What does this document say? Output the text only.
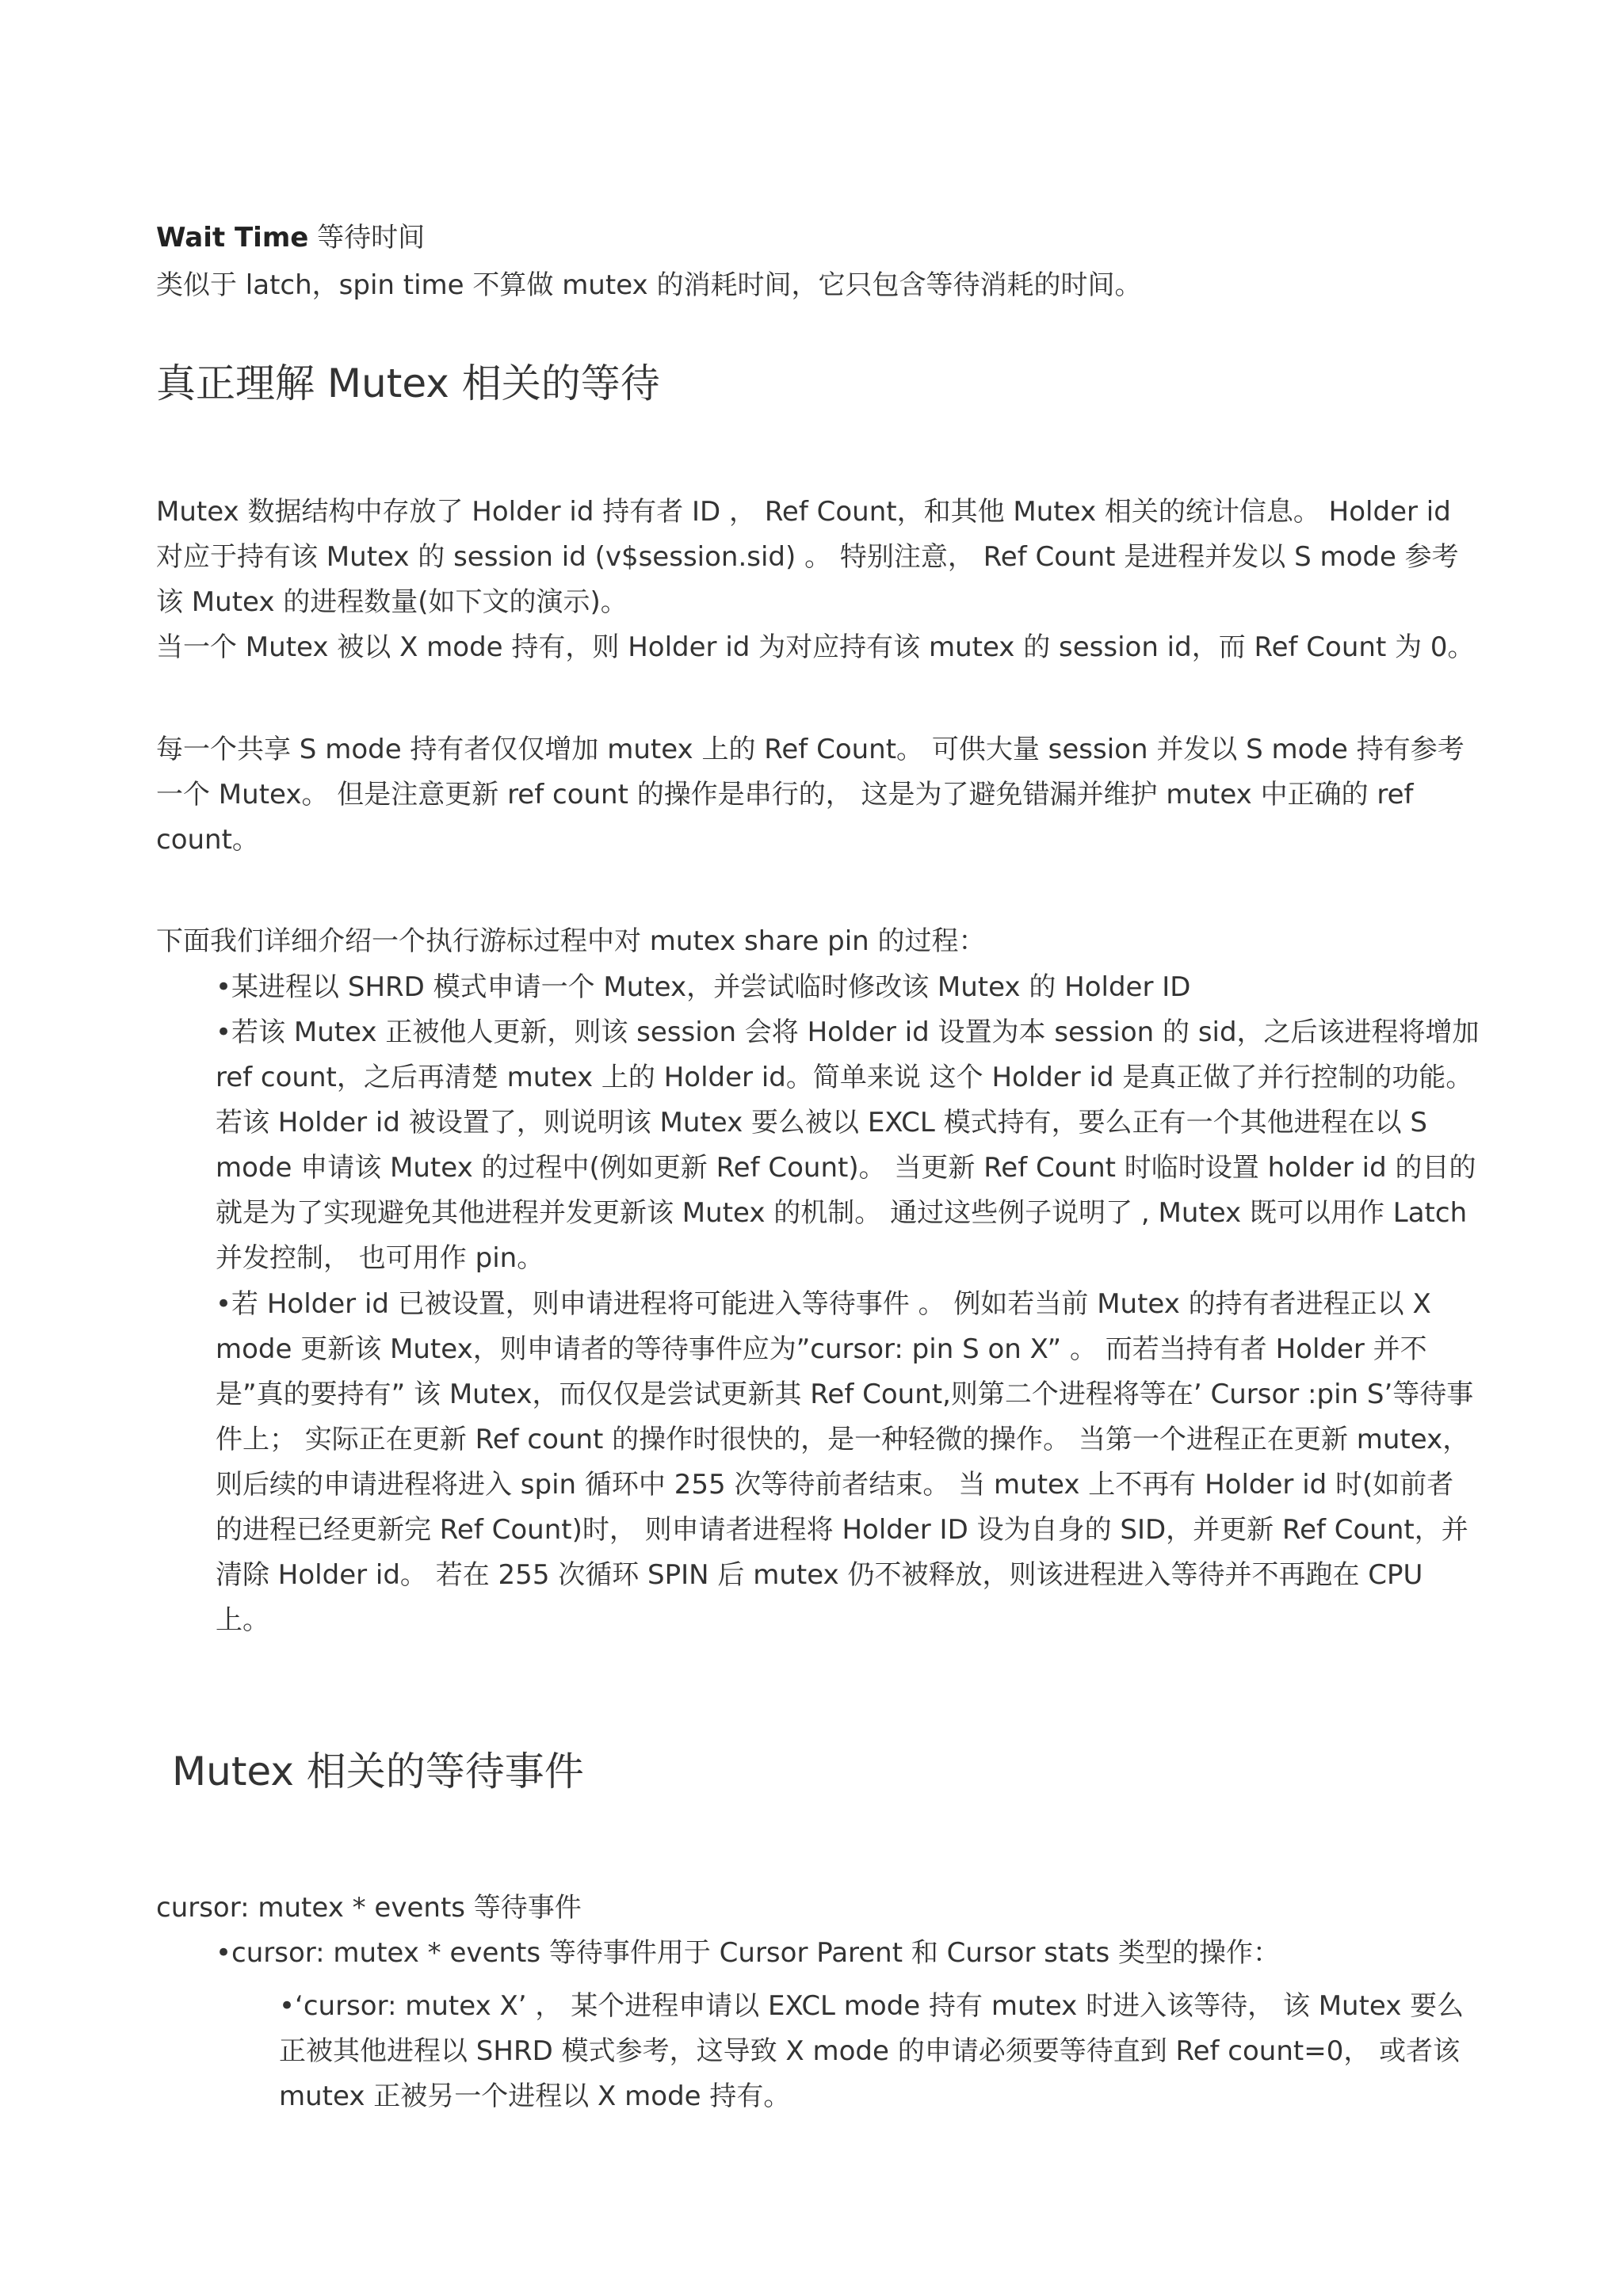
Wait Time 等待时间

类似于 latch，spin time 不算做 mutex 的消耗时间，它只包含等待消耗的时间。

真正理解 Mutex 相关的等待

Mutex 数据结构中存放了 Holder id 持有者 ID ， Ref Count，和其他 Mutex 相关的统计信息。 Holder id 对应于持有该 Mutex 的 session id (v$session.sid) 。 特别注意， Ref Count 是进程并发以 S mode 参考该 Mutex 的进程数量(如下文的演示)。

当一个 Mutex 被以 X mode 持有，则 Holder id 为对应持有该 mutex 的 session id，而 Ref Count 为 0。

每一个共享 S mode 持有者仅仅增加 mutex 上的 Ref Count。 可供大量 session 并发以 S mode 持有参考一个 Mutex。 但是注意更新 ref count 的操作是串行的， 这是为了避免错漏并维护 mutex 中正确的 ref count。

下面我们详细介绍一个执行游标过程中对 mutex share pin 的过程：

•某进程以 SHRD 模式申请一个 Mutex，并尝试临时修改该 Mutex 的 Holder ID

•若该 Mutex 正被他人更新，则该 session 会将 Holder id 设置为本 session 的 sid，之后该进程将增加 ref count，之后再清楚 mutex 上的 Holder id。简单来说 这个 Holder id 是真正做了并行控制的功能。 若该 Holder id 被设置了，则说明该 Mutex 要么被以 EXCL 模式持有，要么正有一个其他进程在以 S mode 申请该 Mutex 的过程中(例如更新 Ref Count)。 当更新 Ref Count 时临时设置 holder id 的目的就是为了实现避免其他进程并发更新该 Mutex 的机制。 通过这些例子说明了 , Mutex 既可以用作 Latch 并发控制， 也可用作 pin。

•若 Holder id 已被设置，则申请进程将可能进入等待事件 。 例如若当前 Mutex 的持有者进程正以 X mode 更新该 Mutex，则申请者的等待事件应为”cursor: pin S on X” 。 而若当持有者 Holder 并不是”真的要持有” 该 Mutex，而仅仅是尝试更新其 Ref Count,则第二个进程将等在’ Cursor :pin S’等待事件上； 实际正在更新 Ref count 的操作时很快的，是一种轻微的操作。 当第一个进程正在更新 mutex，则后续的申请进程将进入 spin 循环中 255 次等待前者结束。 当 mutex 上不再有 Holder id 时(如前者的进程已经更新完 Ref Count)时， 则申请者进程将 Holder ID 设为自身的 SID，并更新 Ref Count，并清除 Holder id。 若在 255 次循环 SPIN 后 mutex 仍不被释放，则该进程进入等待并不再跑在 CPU 上。

Mutex 相关的等待事件

cursor: mutex * events 等待事件

•cursor: mutex * events 等待事件用于 Cursor Parent 和 Cursor stats 类型的操作：

•‘cursor: mutex X’ ， 某个进程申请以 EXCL mode 持有 mutex 时进入该等待， 该 Mutex 要么正被其他进程以 SHRD 模式参考，这导致 X mode 的申请必须要等待直到 Ref count=0， 或者该 mutex 正被另一个进程以 X mode 持有。
